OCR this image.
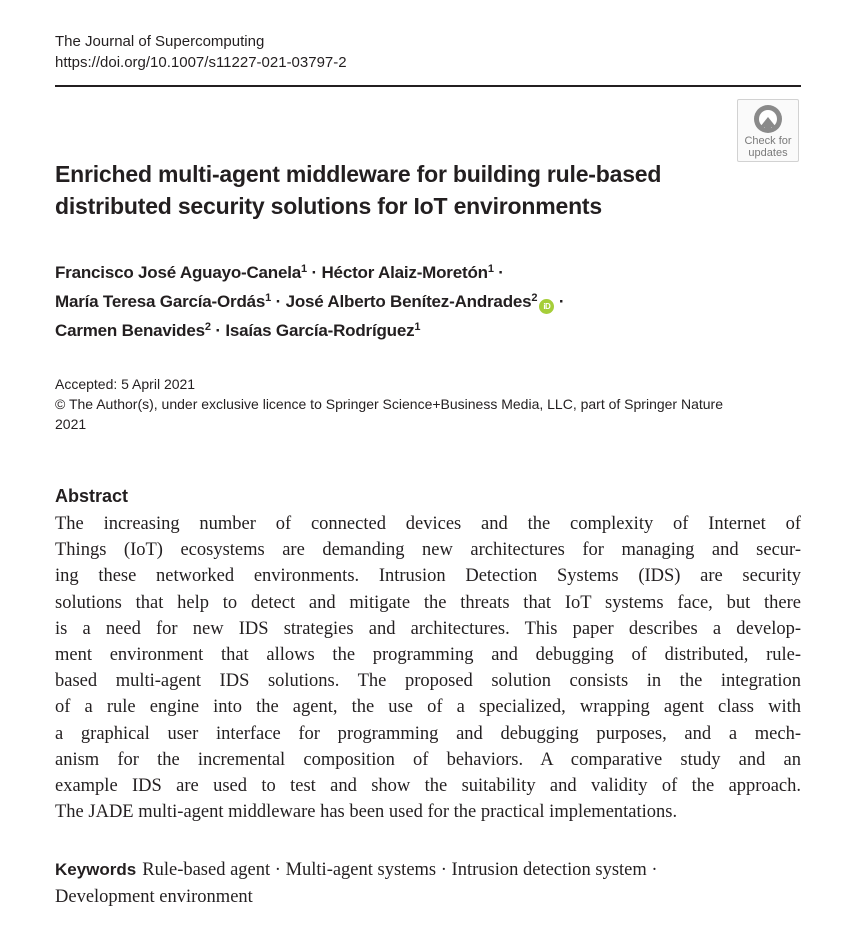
The Journal of Supercomputing
https://doi.org/10.1007/s11227-021-03797-2
Check for
updates
Enriched multi-agent middleware for building rule-based
distributed security solutions for IoT environments
Francisco José Aguayo-Canela$^1$ · Héctor Alaiz-Moretón$^1$ ·
María Teresa García-Ordás$^1$ · José Alberto Benítez-Andrades$^2$iD ·
Carmen Benavides$^2$ · Isaías García-Rodríguez$^1$
Accepted: 5 April 2021
© The Author(s), under exclusive licence to Springer Science+Business Media, LLC, part of Springer Nature
2021
Abstract
The increasing number of connected devices and the complexity of Internet of
Things (IoT) ecosystems are demanding new architectures for managing and secur-
ing these networked environments. Intrusion Detection Systems (IDS) are security
solutions that help to detect and mitigate the threats that IoT systems face, but there
is a need for new IDS strategies and architectures. This paper describes a develop-
ment environment that allows the programming and debugging of distributed, rule-
based multi-agent IDS solutions. The proposed solution consists in the integration
of a rule engine into the agent, the use of a specialized, wrapping agent class with
a graphical user interface for programming and debugging purposes, and a mech-
anism for the incremental composition of behaviors. A comparative study and an
example IDS are used to test and show the suitability and validity of the approach.
The JADE multi-agent middleware has been used for the practical implementations.
Keywords Rule-based agent · Multi-agent systems · Intrusion detection system ·
Development environment
